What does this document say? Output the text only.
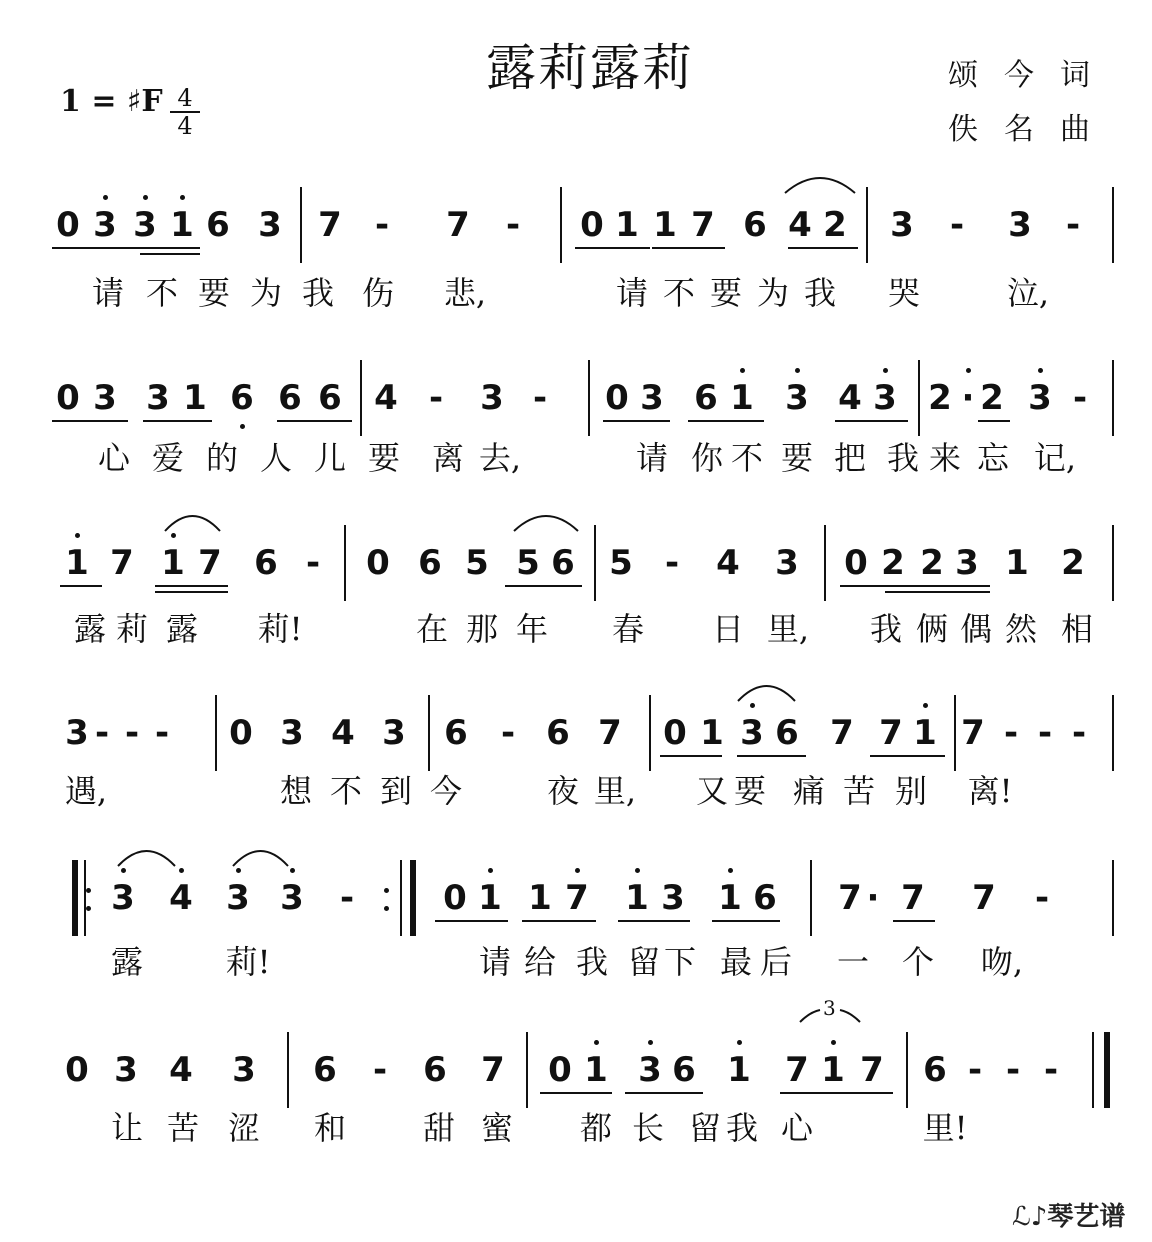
露莉露莉	颂今词
佚名曲
1 = ♯F 4
4
0 3 3 1 6 3 7 - 7 - 0 1 1 7 6 4 2 3 - 3 -
请 不 要 为 我 伤 悲,	请 不 要 为 我 哭	泣,
0 3 3 1 6 6 6 4 - 3 - 0 3 6 1 3 4 3 2 · 2 3 -
心 爱 的 人 儿 要 离 去,	请 你 不 要 把 我 来 忘 记,
1 7 1 7 6 - 0 6 5 5 6 5 - 4 3 0 2 2 3 1 2
露 莉 露 莉!	在 那 年 春 日 里, 我 俩 偶 然 相
3 - - - 0 3 4 3 6 - 6 7 0 1 3 6 7 7 1 7 - - -
遇,	想 不 到 今	夜 里, 又 要 痛 苦 别 离!
3 4 3 3 -	0 1 1 7 1 3 1 6 7 · 7 7 -
露	莉!	请 给 我 留 下 最 后 一 个 吻,
0 3 4 3 6 - 6 7 0 1 3 6 1 7 1 7 6 - - -
3
让 苦 涩 和 甜 蜜 都 长 留 我 心	里!
ℒ♪琴艺谱
